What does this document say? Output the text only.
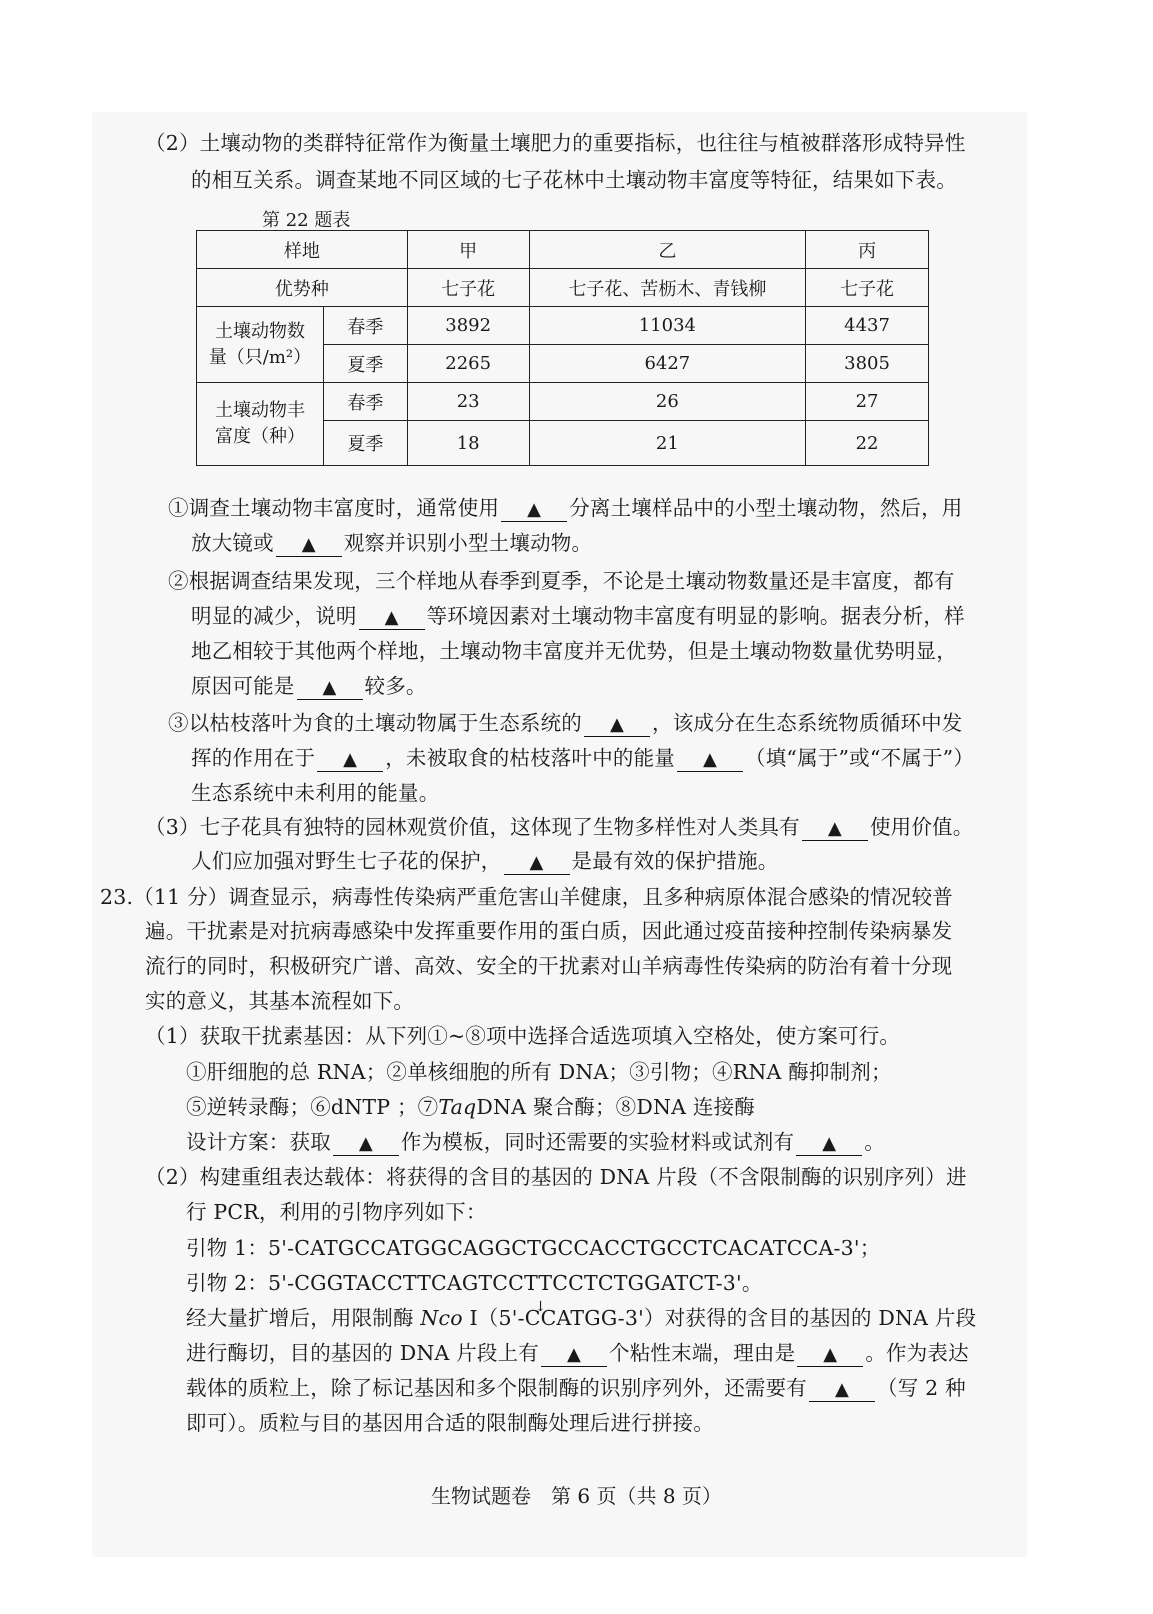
（2）土壤动物的类群特征常作为衡量土壤肥力的重要指标，也往往与植被群落形成特异性
的相互关系。调查某地不同区域的七子花林中土壤动物丰富度等特征，结果如下表。
第 22 题表
样地		甲	乙	丙
优势种		七子花	七子花、苦枥木、青钱柳	七子花
土壤动物数
量（只/m²）	春季	3892	11034	4437
	夏季	2265	6427	3805
土壤动物丰
富度（种）	春季	23	26	27
	夏季	18	21	22
①调查土壤动物丰富度时，通常使用 ▲	分离土壤样品中的小型土壤动物，然后，用
放大镜或 ▲	观察并识别小型土壤动物。
②根据调查结果发现，三个样地从春季到夏季，不论是土壤动物数量还是丰富度，都有
明显的减少，说明 ▲	等环境因素对土壤动物丰富度有明显的影响。据表分析，样
地乙相较于其他两个样地，土壤动物丰富度并无优势，但是土壤动物数量优势明显，
原因可能是 ▲	较多。
③以枯枝落叶为食的土壤动物属于生态系统的 ▲	，该成分在生态系统物质循环中发
挥的作用在于 ▲	，未被取食的枯枝落叶中的能量 ▲	（填“属于”或“不属于”）
生态系统中未利用的能量。
（3）七子花具有独特的园林观赏价值，这体现了生物多样性对人类具有 ▲	使用价值。
人们应加强对野生七子花的保护， ▲	是最有效的保护措施。
23.（11 分）调查显示，病毒性传染病严重危害山羊健康，且多种病原体混合感染的情况较普
遍。干扰素是对抗病毒感染中发挥重要作用的蛋白质，因此通过疫苗接种控制传染病暴发
流行的同时，积极研究广谱、高效、安全的干扰素对山羊病毒性传染病的防治有着十分现
实的意义，其基本流程如下。
（1）获取干扰素基因：从下列①~⑧项中选择合适选项填入空格处，使方案可行。
①肝细胞的总 RNA；②单核细胞的所有 DNA；③引物；④RNA 酶抑制剂；
⑤逆转录酶；⑥dNTP ；⑦TaqDNA 聚合酶；⑧DNA 连接酶
设计方案：获取 ▲	作为模板，同时还需要的实验材料或试剂有 ▲	。
（2）构建重组表达载体：将获得的含目的基因的 DNA 片段（不含限制酶的识别序列）进
行 PCR，利用的引物序列如下：
引物 1：5'-CATGCCATGGCAGGCTGCCACCTGCCTCACATCCA-3'；
引物 2：5'-CGGTACCTTCAGTCCTTCCTCTGGATCT-3'。
经大量扩增后，用限制酶 Nco Ⅰ（5'-C↓CATGG-3'）对获得的含目的基因的 DNA 片段
进行酶切，目的基因的 DNA 片段上有 ▲	个粘性末端，理由是 ▲	。作为表达
载体的质粒上，除了标记基因和多个限制酶的识别序列外，还需要有 ▲	（写 2 种
即可）。质粒与目的基因用合适的限制酶处理后进行拼接。
生物试题卷　第 6 页（共 8 页）
